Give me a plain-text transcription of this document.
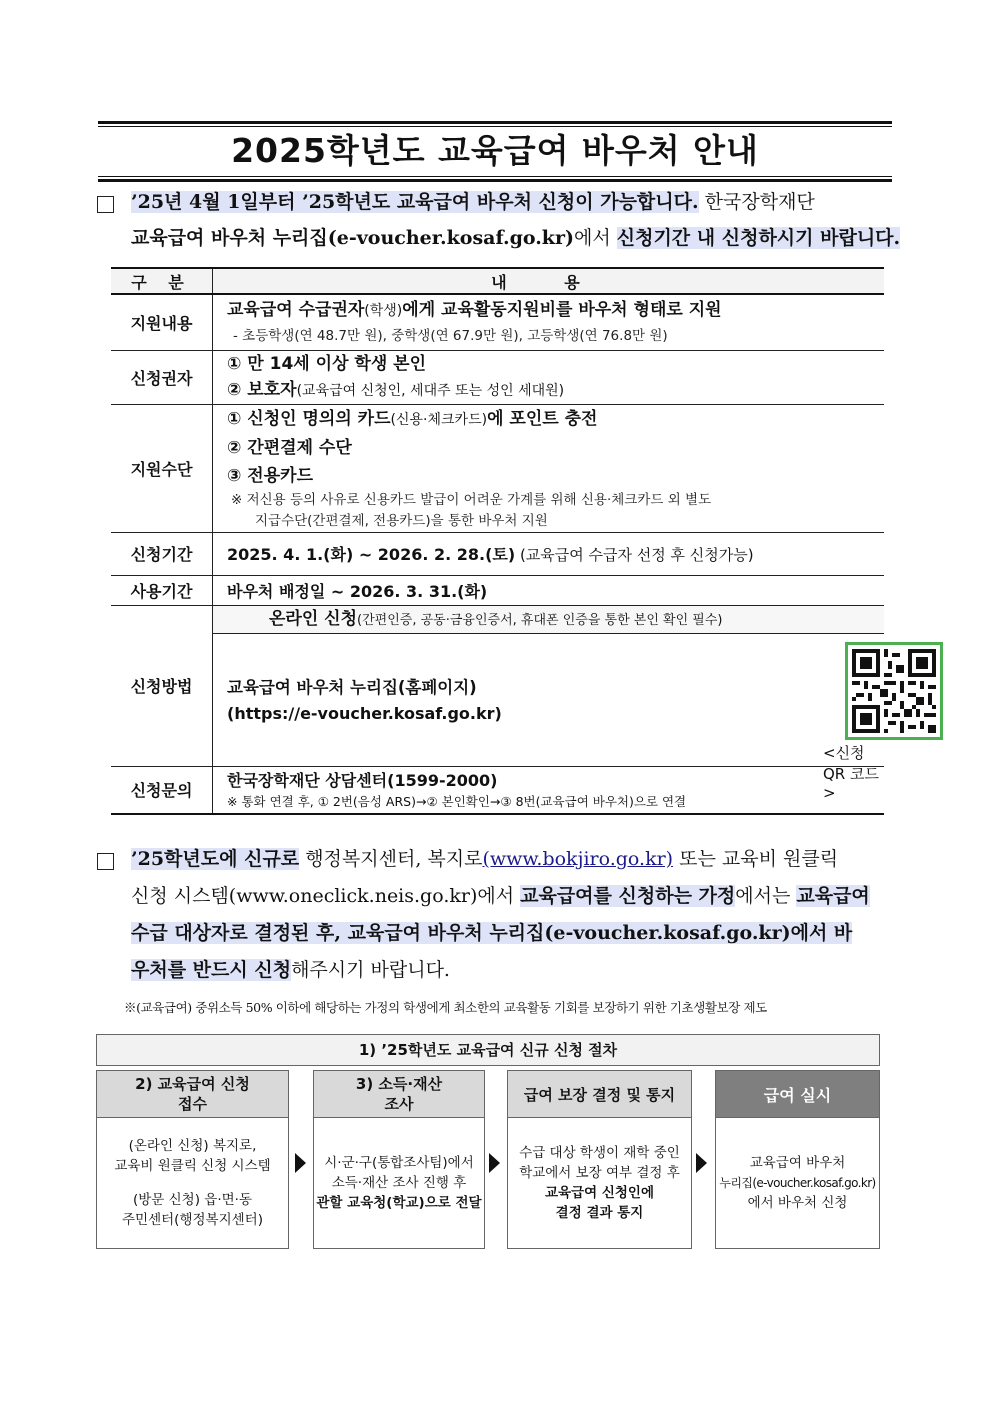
2025학년도 교육급여 바우처 안내
’25년 4월 1일부터 ’25학년도 교육급여 바우처 신청이 가능합니다. 한국장학재단
교육급여 바우처 누리집(e-voucher.kosaf.go.kr)에서 신청기간 내 신청하시기 바랍니다.
구 분	내 용
지원내용	교육급여 수급권자(학생)에게 교육활동지원비를 바우처 형태로 지원
- 초등학생(연 48.7만 원), 중학생(연 67.9만 원), 고등학생(연 76.8만 원)

신청권자	① 만 14세 이상 학생 본인
② 보호자(교육급여 신청인, 세대주 또는 성인 세대원)

지원수단	① 신청인 명의의 카드(신용·체크카드)에 포인트 충전
② 간편결제 수단
③ 전용카드
※ 저신용 등의 사유로 신용카드 발급이 어려운 가계를 위해 신용·체크카드 외 별도
지급수단(간편결제, 전용카드)을 통한 바우처 지원

신청기간	2025. 4. 1.(화) ~ 2026. 2. 28.(토) (교육급여 수급자 선정 후 신청가능)
사용기간	바우처 배정일 ~ 2026. 3. 31.(화)
신청방법	온라인 신청(간편인증, 공동·금융인증서, 휴대폰 인증을 통한 본인 확인 필수)
교육급여 바우처 누리집(홈페이지)
(https://e-voucher.kosaf.go.kr)
<신청 QR 코드>

신청문의	한국장학재단 상담센터(1599-2000)
※ 통화 연결 후, ① 2번(음성 ARS)→② 본인확인→③ 8번(교육급여 바우처)으로 연결
’25학년도에 신규로 행정복지센터, 복지로(www.bokjiro.go.kr) 또는 교육비 원클릭
신청 시스템(www.oneclick.neis.go.kr)에서 교육급여를 신청하는 가정에서는 교육급여
수급 대상자로 결정된 후, 교육급여 바우처 누리집(e-voucher.kosaf.go.kr)에서 바
우처를 반드시 신청해주시기 바랍니다.
※(교육급여) 중위소득 50% 이하에 해당하는 가정의 학생에게 최소한의 교육활동 기회를 보장하기 위한 기초생활보장 제도
1) ’25학년도 교육급여 신규 신청 절차
2) 교육급여 신청
접수
(온라인 신청) 복지로,
교육비 원클릭 신청 시스템
(방문 신청) 읍·면·동
주민센터(행정복지센터)
3) 소득·재산
조사
시·군·구(통합조사팀)에서
소득·재산 조사 진행 후
관할 교육청(학교)으로 전달
급여 보장 결정 및 통지
수급 대상 학생이 재학 중인
학교에서 보장 여부 결정 후
교육급여 신청인에
결정 결과 통지
급여 실시
교육급여 바우처
누리집(e-voucher.kosaf.go.kr)
에서 바우처 신청
